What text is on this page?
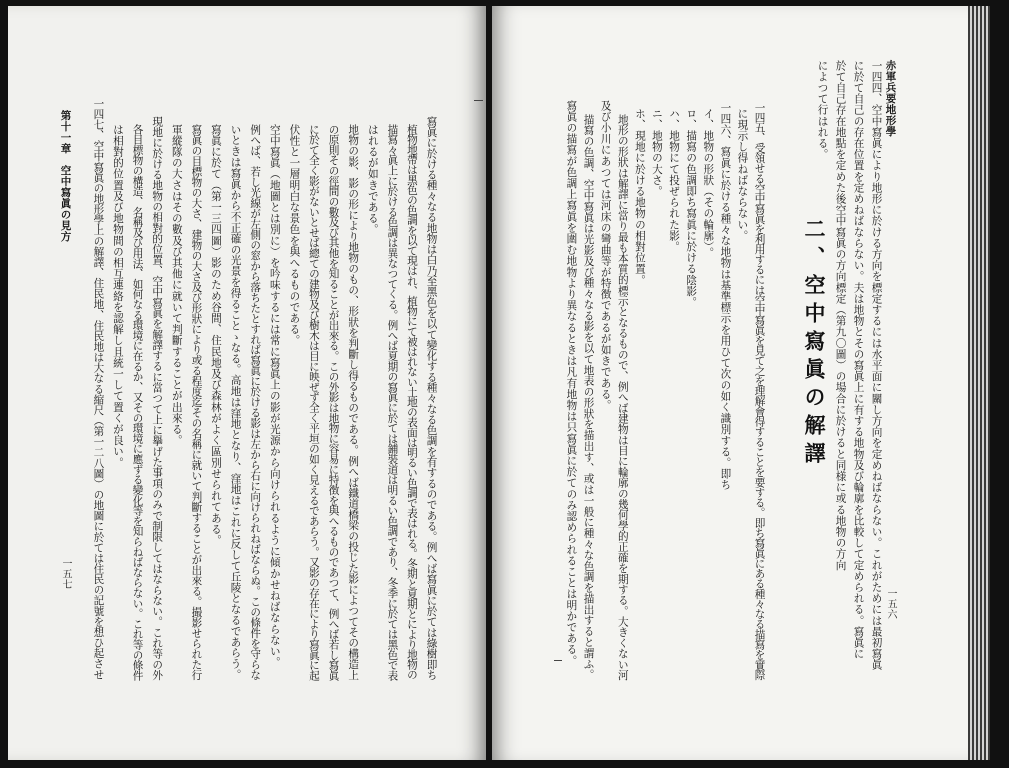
寫眞に於ける種々なる地物は白乃至黑色を以て變化する種々なる色調を有するのである。例へば寫眞に於ては綠樹即ち
植物地帶は黑色の色調を以て現はれ、植物にて被はれない土地の表面は明るい色調で表はれる。冬期と夏期とにより地物の
描寫々眞上に於ける色調は異なつてくる。例へば夏期の寫眞に於ては鋪裝道は明るい色調であり、冬季に於ては黑色で表
はれるが如きである。
地物の影、影の形により地物のもの、形狀を判斷し得るものである。例へば鐵道橋梁の投じた影によつてその構造上
の原則その徑間の數及び其他を知ることが出來る。この外影は地物に容易に特徴を與へるものであつて、例へば若し寫眞
に於て全く影がないとせば總ての建物及び樹木は目に映ぜず全く平垣の如く見えるであらう。又影の存在により寫眞に起
伏性と一層明白な景色を與へるものである。
空中寫眞（地圖とは別に）を吟味するには常に寫眞上の影が光源から向けられるように傾かせねばならない。
例へば、若し光線が左側の窓から落ちたとすれば寫眞に於ける影は左から右に向けられねばならぬ。この條件を守らな
いときは寫眞から不正確の光景を得ることゝなる。高地は窪地となり、窪地はこれに反して丘陵となるであらう。
寫眞に於て（第一三四圖）影のため谷間、住民地及び森林がよく區別せられてある。
寫眞の目標物の大さ、建物の大さ及び形狀により或る程度迄その名稱に就いて判斷することが出來る。撮影せられた行
軍縱隊の大さはその數及び其他に就いて判斷することが出來る。
現地に於ける地物の相對的位置、空中寫眞を解譯するに當つて上に擧げた事項のみで制限してはならない。これ等の外
各目標物の構造、名稱及び用法、如何なる環境に在るか、又その環境に應ずる變化等を知らねばならない。これ等の條件
は相對的位置及び地物間の相互連絡を認解し且統一して置くが良い。
一四七、空中寫眞の地形學上の解譯、住民地、住民地は大なる縮尺（第一二八圖）の地圖に於ては住民の記號を想ひ起させ
第十一章　空中寫眞の見方
一五七
赤軍兵要地形學
一五六
一四四、空中寫眞により地形に於ける方向を標定するには水平面に關し方向を定めねばならない。これがためには最初寫眞
に於て自己の存在位置を定めねばならない。夫は地物とその寫眞上に有する地物及び輪廓を比較して定められる。寫眞に
於て自己存在地點を定めた後空中寫眞の方向標定（第九〇圖）の場合に於けると同様に或る地物の方向
によつて行はれる。
一四五、受領せる空中寫眞を利用するには空中寫眞を見て之を理解會得することを要する。即ち寫眞にある種々なる描寫を實際
に現示し得ねばならない。
一四六、寫眞に於ける種々な地物は基準標示を用ひて次の如く識別する。即ち
イ、地物の形狀（その輪廓）。
ロ、描寫の色調即ち寫眞に於ける陰影。
ハ、地物にて投ぜられた影。
ニ、地物の大さ。
ホ、現地に於ける地物の相對位置。
地形の形狀は解譯に當り最も本質的標示となるもので、例へば建物は目に輪廓の幾何學的正確を期する。大きくない河
及び小川にあつては河床の彎曲等が特徴であるが如きである。
描寫の色調、空中寫眞は光影及び種々なる影を以て地表の形狀を描出す、或は一般に種々な色調を描出すると謂ふ。
寫眞の描寫が色調上寫眞を圍む地物より異なるときは凡有地物は只寫眞に於てのみ認められることは明かである。	二、空中寫眞の解譯
